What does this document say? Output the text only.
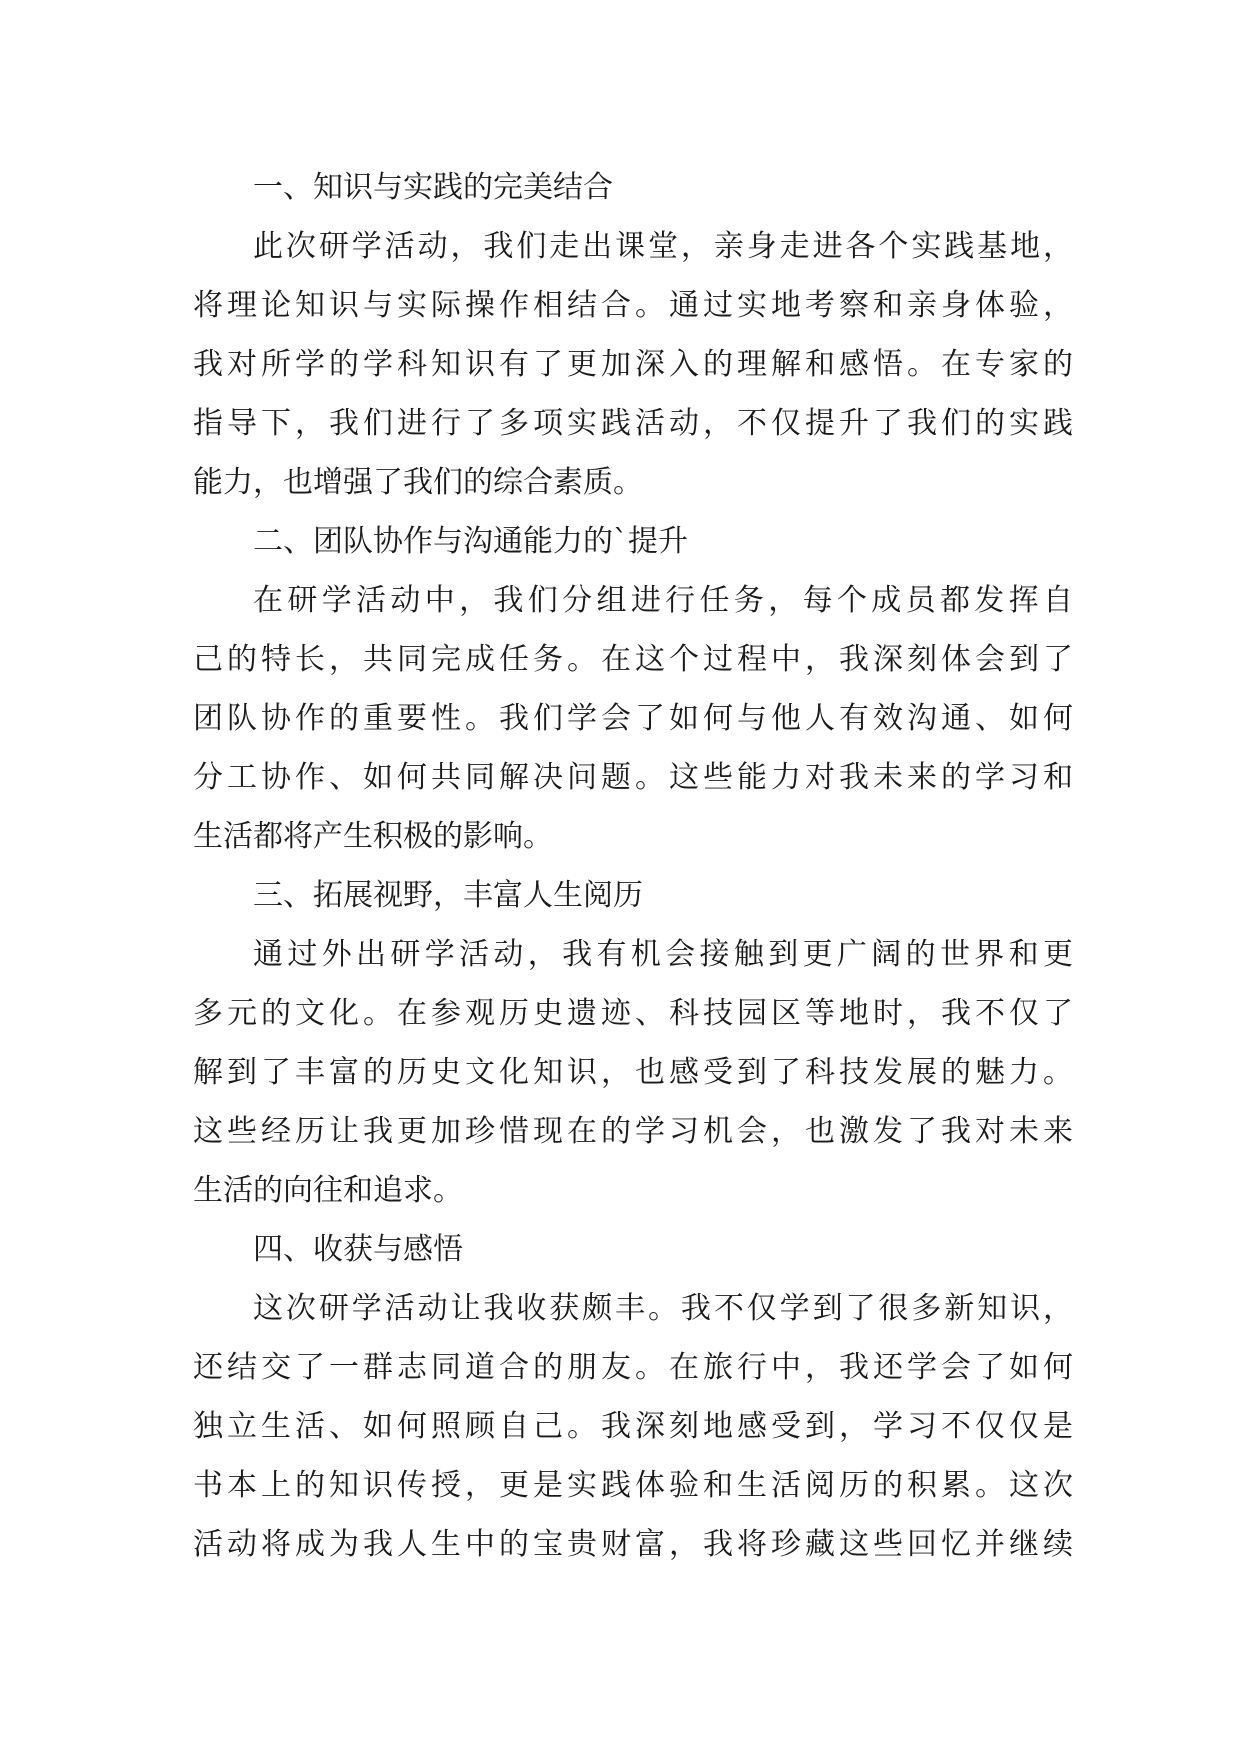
一、知识与实践的完美结合
此次研学活动，我们走出课堂，亲身走进各个实践基地，
将理论知识与实际操作相结合。通过实地考察和亲身体验，
我对所学的学科知识有了更加深入的理解和感悟。在专家的
指导下，我们进行了多项实践活动，不仅提升了我们的实践
能力，也增强了我们的综合素质。
二、团队协作与沟通能力的`提升
在研学活动中，我们分组进行任务，每个成员都发挥自
己的特长，共同完成任务。在这个过程中，我深刻体会到了
团队协作的重要性。我们学会了如何与他人有效沟通、如何
分工协作、如何共同解决问题。这些能力对我未来的学习和
生活都将产生积极的影响。
三、拓展视野，丰富人生阅历
通过外出研学活动，我有机会接触到更广阔的世界和更
多元的文化。在参观历史遗迹、科技园区等地时，我不仅了
解到了丰富的历史文化知识，也感受到了科技发展的魅力。
这些经历让我更加珍惜现在的学习机会，也激发了我对未来
生活的向往和追求。
四、收获与感悟
这次研学活动让我收获颇丰。我不仅学到了很多新知识，
还结交了一群志同道合的朋友。在旅行中，我还学会了如何
独立生活、如何照顾自己。我深刻地感受到，学习不仅仅是
书本上的知识传授，更是实践体验和生活阅历的积累。这次
活动将成为我人生中的宝贵财富，我将珍藏这些回忆并继续
